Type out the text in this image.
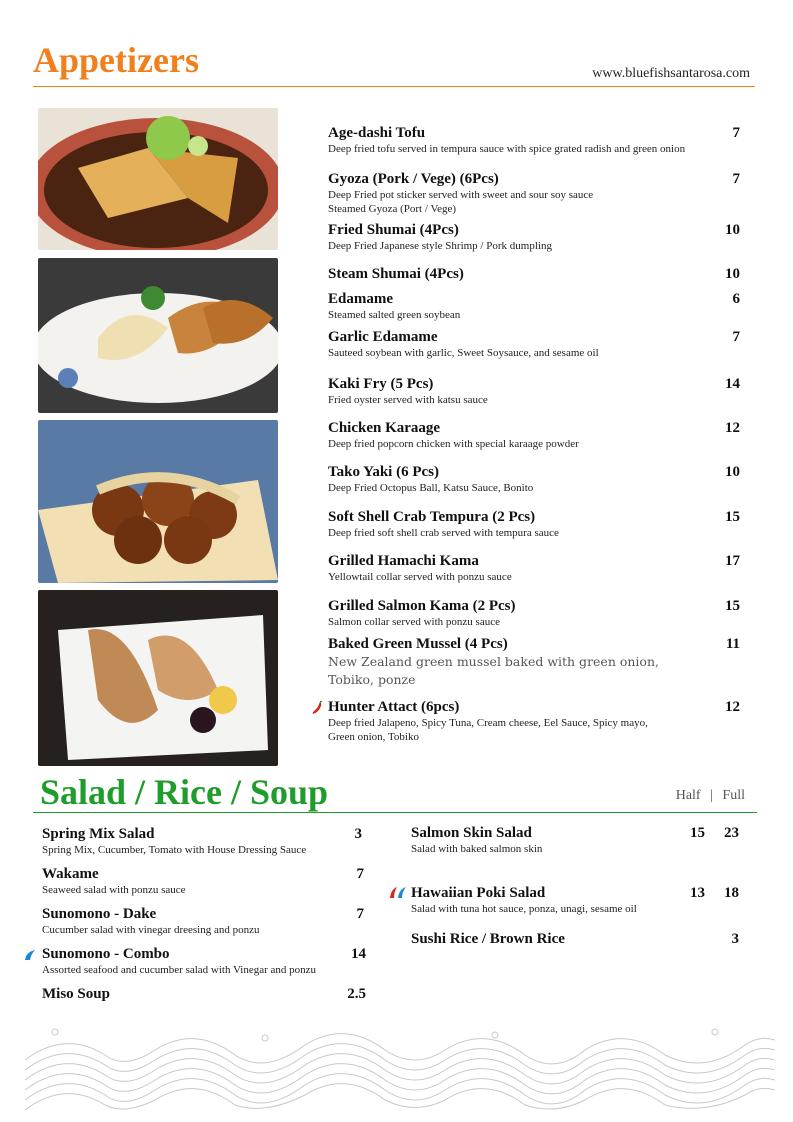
Appetizers	www.bluefishsantarosa.com
Age-dashi Tofu	7
Deep fried tofu served in tempura sauce with spice grated radish and green onion
Gyoza (Pork / Vege) (6Pcs)	7
Deep Fried pot sticker served with sweet and sour soy sauce
Steamed Gyoza (Port / Vege)
Fried Shumai (4Pcs)	10
Deep Fried Japanese style Shrimp / Pork dumpling
Steam Shumai (4Pcs)	10
Edamame	6
Steamed salted green soybean
Garlic Edamame	7
Sauteed soybean with garlic, Sweet Soysauce, and sesame oil
Kaki Fry (5 Pcs)	14
Fried oyster served with katsu sauce
Chicken Karaage	12
Deep fried popcorn chicken with special karaage powder
Tako Yaki (6 Pcs)	10
Deep Fried Octopus Ball, Katsu Sauce, Bonito
Soft Shell Crab Tempura (2 Pcs)	15
Deep fried soft shell crab served with tempura sauce
Grilled Hamachi Kama	17
Yellowtail collar served with ponzu sauce
Grilled Salmon Kama (2 Pcs)	15
Salmon collar served with ponzu sauce
Baked Green Mussel (4 Pcs)	11
New Zealand green mussel baked with green onion,
Tobiko, ponze
Hunter Attact (6pcs)	12
Deep fried Jalapeno, Spicy Tuna, Cream cheese, Eel Sauce, Spicy mayo,
Green onion, Tobiko
Salad / Rice / Soup	Half | Full
Spring Mix Salad	3
Spring Mix, Cucumber, Tomato with House Dressing Sauce
Wakame	7
Seaweed salad with ponzu sauce
Sunomono - Dake	7
Cucumber salad with vinegar dreesing and ponzu
Sunomono - Combo	14
Assorted seafood and cucumber salad with Vinegar and ponzu
Miso Soup	2.5
Salmon Skin Salad	15 23
Salad with baked salmon skin
Hawaiian Poki Salad	13 18
Salad with tuna hot sauce, ponza, unagi, sesame oil
Sushi Rice / Brown Rice	3
